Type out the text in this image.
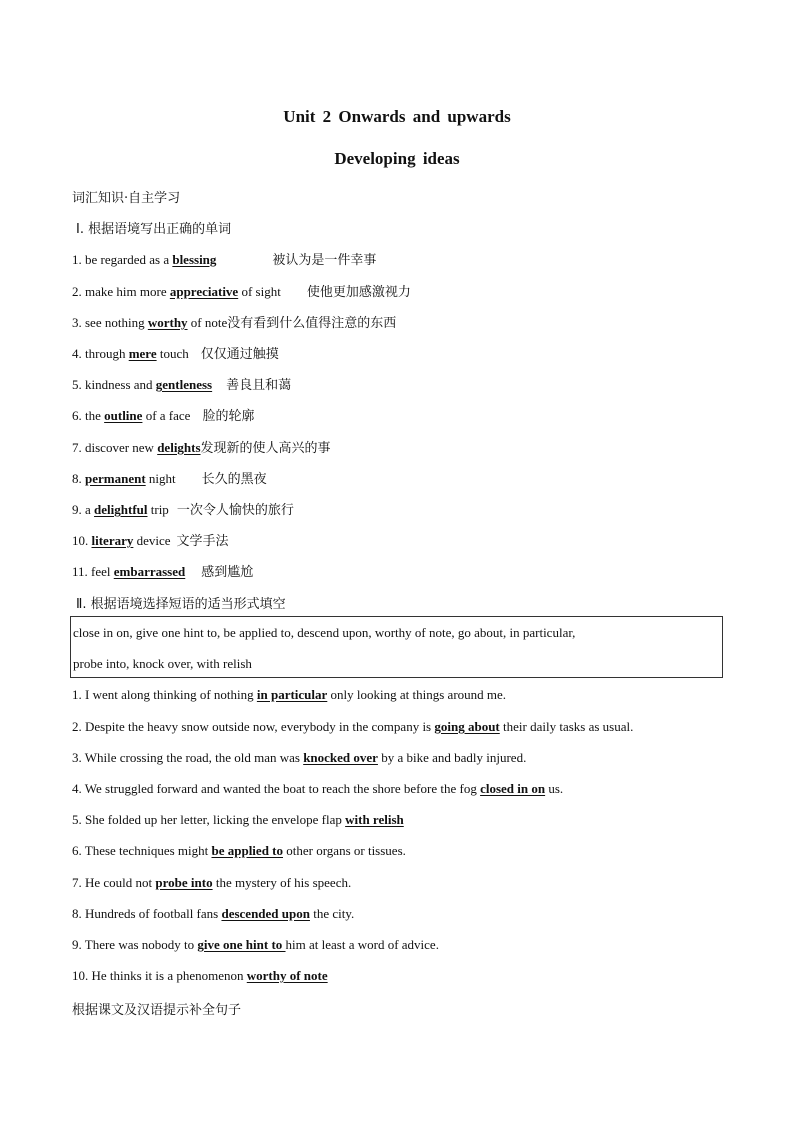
Unit 2 Onwards and upwards
Developing ideas
词汇知识·自主学习
Ⅰ. 根据语境写出正确的单词
1. be regarded as a blessing	被认为是一件幸事
2. make him more appreciative of sight 使他更加感激视力
3. see nothing worthy of note没有看到什么值得注意的东西
4. through mere touch 仅仅通过触摸
5. kindness and gentleness 善良且和蔼
6. the outline of a face 脸的轮廓
7. discover new delights发现新的使人高兴的事
8. permanent night 长久的黑夜
9. a delightful trip 一次令人愉快的旅行
10. literary device 文学手法
11. feel embarrassed 感到尴尬
Ⅱ. 根据语境选择短语的适当形式填空
close in on, give one hint to, be applied to, descend upon, worthy of note, go about, in particular,
probe into, knock over, with relish
1. I went along thinking of nothing in particular only looking at things around me.
2. Despite the heavy snow outside now, everybody in the company is going about their daily tasks as usual.
3. While crossing the road, the old man was knocked over by a bike and badly injured.
4. We struggled forward and wanted the boat to reach the shore before the fog closed in on us.
5. She folded up her letter, licking the envelope flap with relish
6. These techniques might be applied to other organs or tissues.
7. He could not probe into the mystery of his speech.
8. Hundreds of football fans descended upon the city.
9. There was nobody to give one hint to him at least a word of advice.
10. He thinks it is a phenomenon worthy of note
根据课文及汉语提示补全句子
